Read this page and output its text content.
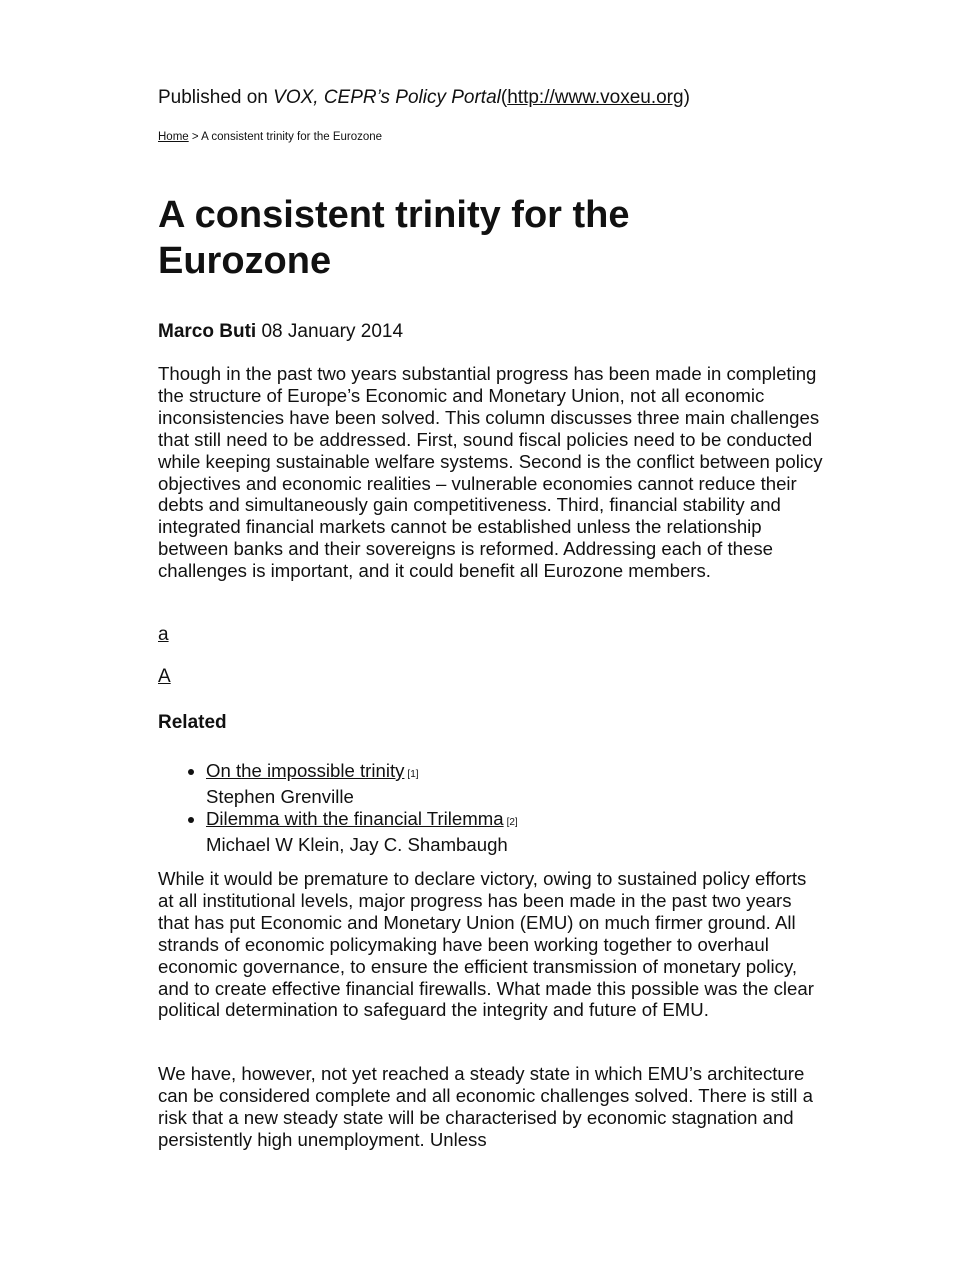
Published on VOX, CEPR’s Policy Portal(http://www.voxeu.org)
Home > A consistent trinity for the Eurozone
A consistent trinity for the Eurozone
Marco Buti 08 January 2014

Though in the past two years substantial progress has been made in completing the structure of Europe’s Economic and Monetary Union, not all economic inconsistencies have been solved. This column discusses three main challenges that still need to be addressed. First, sound fiscal policies need to be conducted while keeping sustainable welfare systems. Second is the conflict between policy objectives and economic realities – vulnerable economies cannot reduce their debts and simultaneously gain competitiveness. Third, financial stability and integrated financial markets cannot be established unless the relationship between banks and their sovereigns is reformed. Addressing each of these challenges is important, and it could benefit all Eurozone members.

a
A
Related
• On the impossible trinity [1]
Stephen Grenville
• Dilemma with the financial Trilemma [2]
Michael W Klein, Jay C. Shambaugh

While it would be premature to declare victory, owing to sustained policy efforts at all institutional levels, major progress has been made in the past two years that has put Economic and Monetary Union (EMU) on much firmer ground. All strands of economic policymaking have been working together to overhaul economic governance, to ensure the efficient transmission of monetary policy, and to create effective financial firewalls. What made this possible was the clear political determination to safeguard the integrity and future of EMU.

We have, however, not yet reached a steady state in which EMU’s architecture can be considered complete and all economic challenges solved. There is still a risk that a new steady state will be characterised by economic stagnation and persistently high unemployment. Unless
